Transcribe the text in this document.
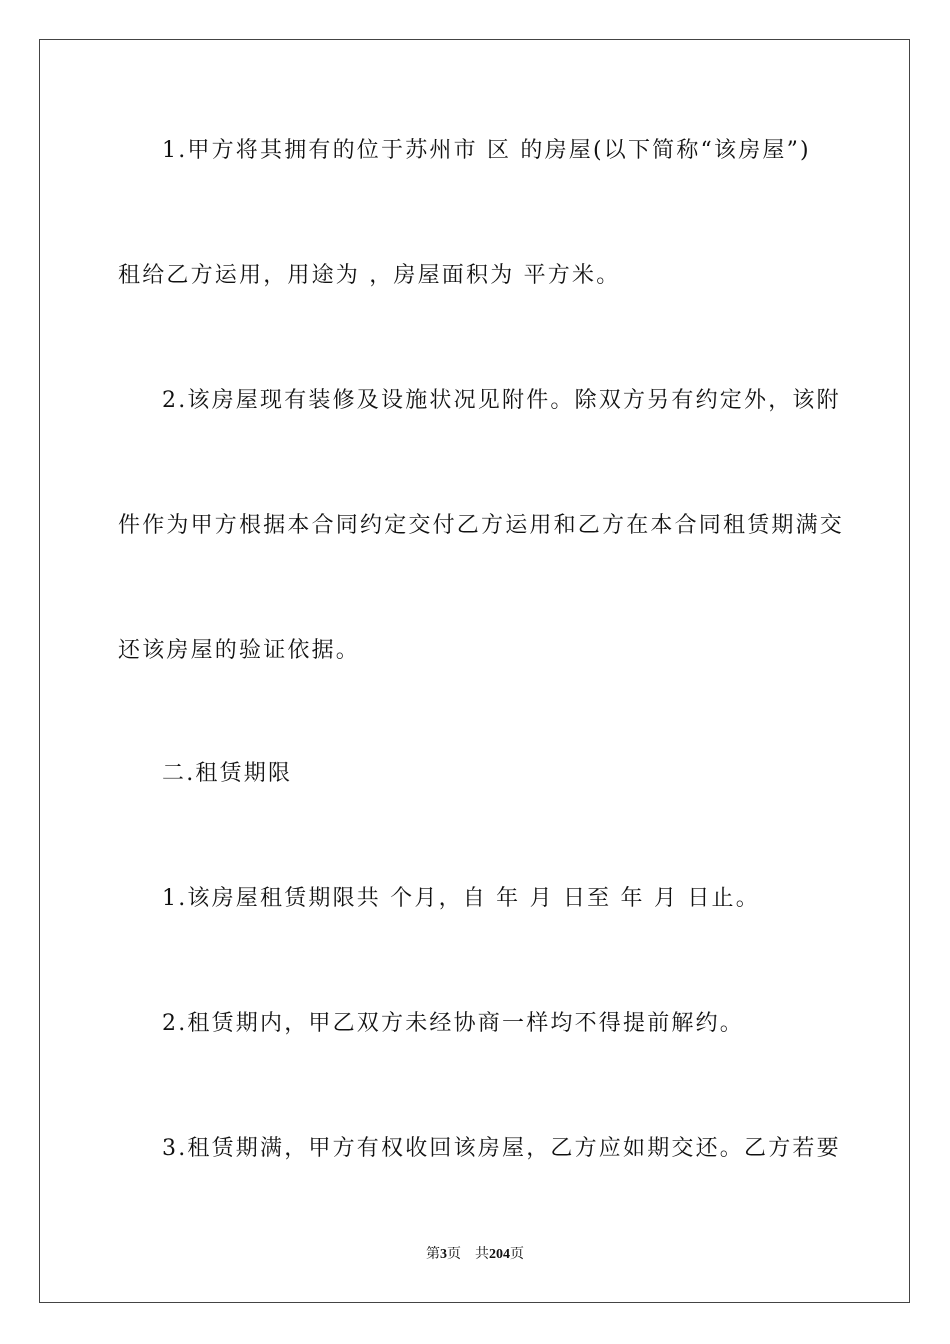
1.甲方将其拥有的位于苏州市 区 的房屋(以下简称“该房屋”)
租给乙方运用，用途为 ，房屋面积为 平方米。
2.该房屋现有装修及设施状况见附件。除双方另有约定外，该附
件作为甲方根据本合同约定交付乙方运用和乙方在本合同租赁期满交
还该房屋的验证依据。
二.租赁期限
1.该房屋租赁期限共 个月，自 年 月 日至 年 月 日止。
2.租赁期内，甲乙双方未经协商一样均不得提前解约。
3.租赁期满，甲方有权收回该房屋，乙方应如期交还。乙方若要
第3页 共204页
